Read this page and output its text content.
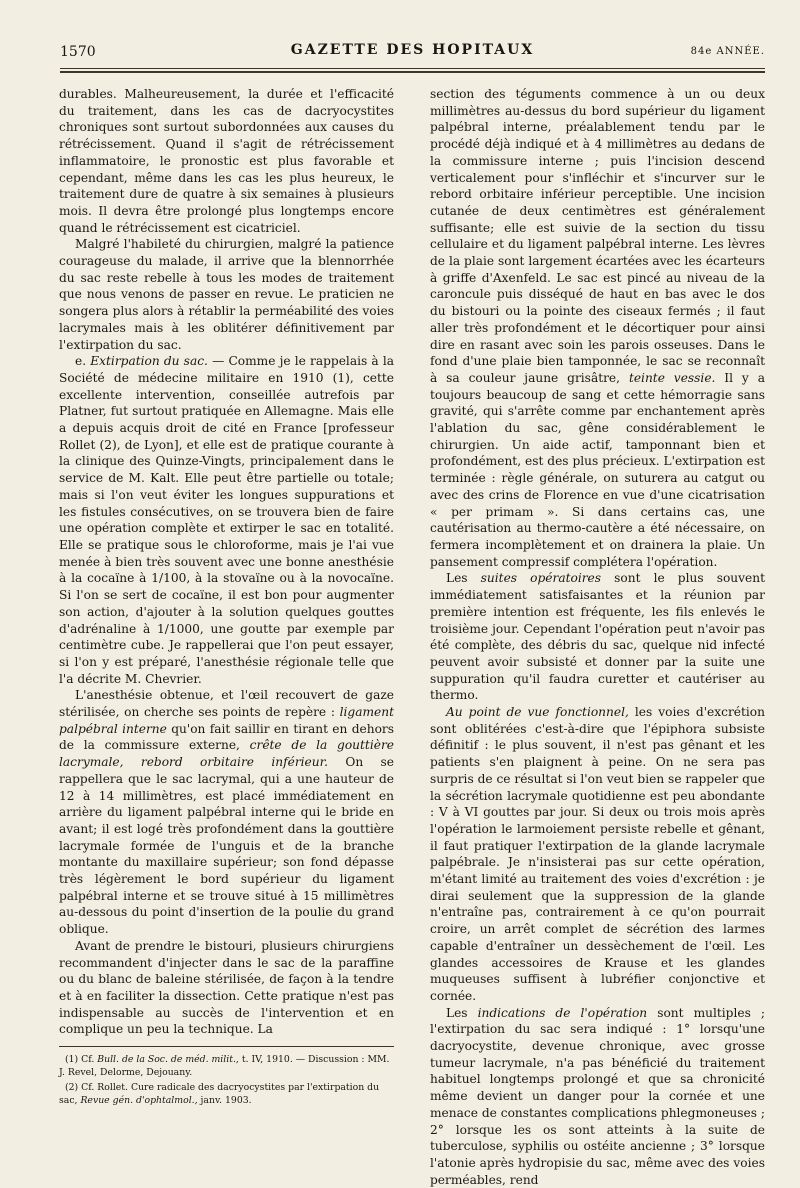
1570	GAZETTE DES HOPITAUX	84e ANNÉE.

durables. Malheureusement, la durée et l'efficacité du traitement, dans les cas de dacryocystites chroniques sont surtout subordonnées aux causes du rétrécissement. Quand il s'agit de rétrécissement inflammatoire, le pronostic est plus favorable et cependant, même dans les cas les plus heureux, le traitement dure de quatre à six semaines à plusieurs mois. Il devra être prolongé plus longtemps encore quand le rétrécissement est cicatriciel.

Malgré l'habileté du chirurgien, malgré la patience courageuse du malade, il arrive que la blennorrhée du sac reste rebelle à tous les modes de traitement que nous venons de passer en revue. Le praticien ne songera plus alors à rétablir la perméabilité des voies lacrymales mais à les oblitérer définitivement par l'extirpation du sac.

e. Extirpation du sac. — Comme je le rappelais à la Société de médecine militaire en 1910 (1), cette excellente intervention, conseillée autrefois par Platner, fut surtout pratiquée en Allemagne. Mais elle a depuis acquis droit de cité en France [professeur Rollet (2), de Lyon], et elle est de pratique courante à la clinique des Quinze-Vingts, principalement dans le service de M. Kalt. Elle peut être partielle ou totale; mais si l'on veut éviter les longues suppurations et les fistules consécutives, on se trouvera bien de faire une opération complète et extirper le sac en totalité. Elle se pratique sous le chloroforme, mais je l'ai vue menée à bien très souvent avec une bonne anesthésie à la cocaïne à 1/100, à la stovaïne ou à la novocaïne. Si l'on se sert de cocaïne, il est bon pour augmenter son action, d'ajouter à la solution quelques gouttes d'adrénaline à 1/1000, une goutte par exemple par centimètre cube. Je rappellerai que l'on peut essayer, si l'on y est préparé, l'anesthésie régionale telle que l'a décrite M. Chevrier.

L'anesthésie obtenue, et l'œil recouvert de gaze stérilisée, on cherche ses points de repère : ligament palpébral interne qu'on fait saillir en tirant en dehors de la commissure externe, crête de la gouttière lacrymale, rebord orbitaire inférieur. On se rappellera que le sac lacrymal, qui a une hauteur de 12 à 14 millimètres, est placé immédiatement en arrière du ligament palpébral interne qui le bride en avant; il est logé très profondément dans la gouttière lacrymale formée de l'unguis et de la branche montante du maxillaire supérieur; son fond dépasse très légèrement le bord supérieur du ligament palpébral interne et se trouve situé à 15 millimètres au-dessous du point d'insertion de la poulie du grand oblique.

Avant de prendre le bistouri, plusieurs chirurgiens recommandent d'injecter dans le sac de la paraffine ou du blanc de baleine stérilisée, de façon à la tendre et à en faciliter la dissection. Cette pratique n'est pas indispensable au succès de l'intervention et en complique un peu la technique. La

section des téguments commence à un ou deux millimètres au-dessus du bord supérieur du ligament palpébral interne, préalablement tendu par le procédé déjà indiqué et à 4 millimètres au dedans de la commissure interne ; puis l'incision descend verticalement pour s'infléchir et s'incurver sur le rebord orbitaire inférieur perceptible. Une incision cutanée de deux centimètres est généralement suffisante; elle est suivie de la section du tissu cellulaire et du ligament palpébral interne. Les lèvres de la plaie sont largement écartées avec les écarteurs à griffe d'Axenfeld. Le sac est pincé au niveau de la caroncule puis disséqué de haut en bas avec le dos du bistouri ou la pointe des ciseaux fermés ; il faut aller très profondément et le décortiquer pour ainsi dire en rasant avec soin les parois osseuses. Dans le fond d'une plaie bien tamponnée, le sac se reconnaît à sa couleur jaune grisâtre, teinte vessie. Il y a toujours beaucoup de sang et cette hémorragie sans gravité, qui s'arrête comme par enchantement après l'ablation du sac, gêne considérablement le chirurgien. Un aide actif, tamponnant bien et profondément, est des plus précieux. L'extirpation est terminée : règle générale, on suturera au catgut ou avec des crins de Florence en vue d'une cicatrisation « per primam ». Si dans certains cas, une cautérisation au thermo-cautère a été nécessaire, on fermera incomplètement et on drainera la plaie. Un pansement compressif complétera l'opération.

Les suites opératoires sont le plus souvent immédiatement satisfaisantes et la réunion par première intention est fréquente, les fils enlevés le troisième jour. Cependant l'opération peut n'avoir pas été complète, des débris du sac, quelque nid infecté peuvent avoir subsisté et donner par la suite une suppuration qu'il faudra curetter et cautériser au thermo.

Au point de vue fonctionnel, les voies d'excrétion sont oblitérées c'est-à-dire que l'épiphora subsiste définitif : le plus souvent, il n'est pas gênant et les patients s'en plaignent à peine. On ne sera pas surpris de ce résultat si l'on veut bien se rappeler que la sécrétion lacrymale quotidienne est peu abondante : V à VI gouttes par jour. Si deux ou trois mois après l'opération le larmoiement persiste rebelle et gênant, il faut pratiquer l'extirpation de la glande lacrymale palpébrale. Je n'insisterai pas sur cette opération, m'étant limité au traitement des voies d'excrétion : je dirai seulement que la suppression de la glande n'entraîne pas, contrairement à ce qu'on pourrait croire, un arrêt complet de sécrétion des larmes capable d'entraîner un dessèchement de l'œil. Les glandes accessoires de Krause et les glandes muqueuses suffisent à lubréfier conjonctive et cornée.

Les indications de l'opération sont multiples ; l'extirpation du sac sera indiqué : 1° lorsqu'une dacryocystite, devenue chronique, avec grosse tumeur lacrymale, n'a pas bénéficié du traitement habituel longtemps prolongé et que sa chronicité même devient un danger pour la cornée et une menace de constantes complications phlegmoneuses ; 2° lorsque les os sont atteints à la suite de tuberculose, syphilis ou ostéite ancienne ; 3° lorsque l'atonie après hydropisie du sac, même avec des voies perméables, rend

(1) Cf. Bull. de la Soc. de méd. milit., t. IV, 1910. — Discussion : MM. J. Revel, Delorme, Dejouany.

(2) Cf. Rollet. Cure radicale des dacryocystites par l'extirpation du sac, Revue gén. d'ophtalmol., janv. 1903.
